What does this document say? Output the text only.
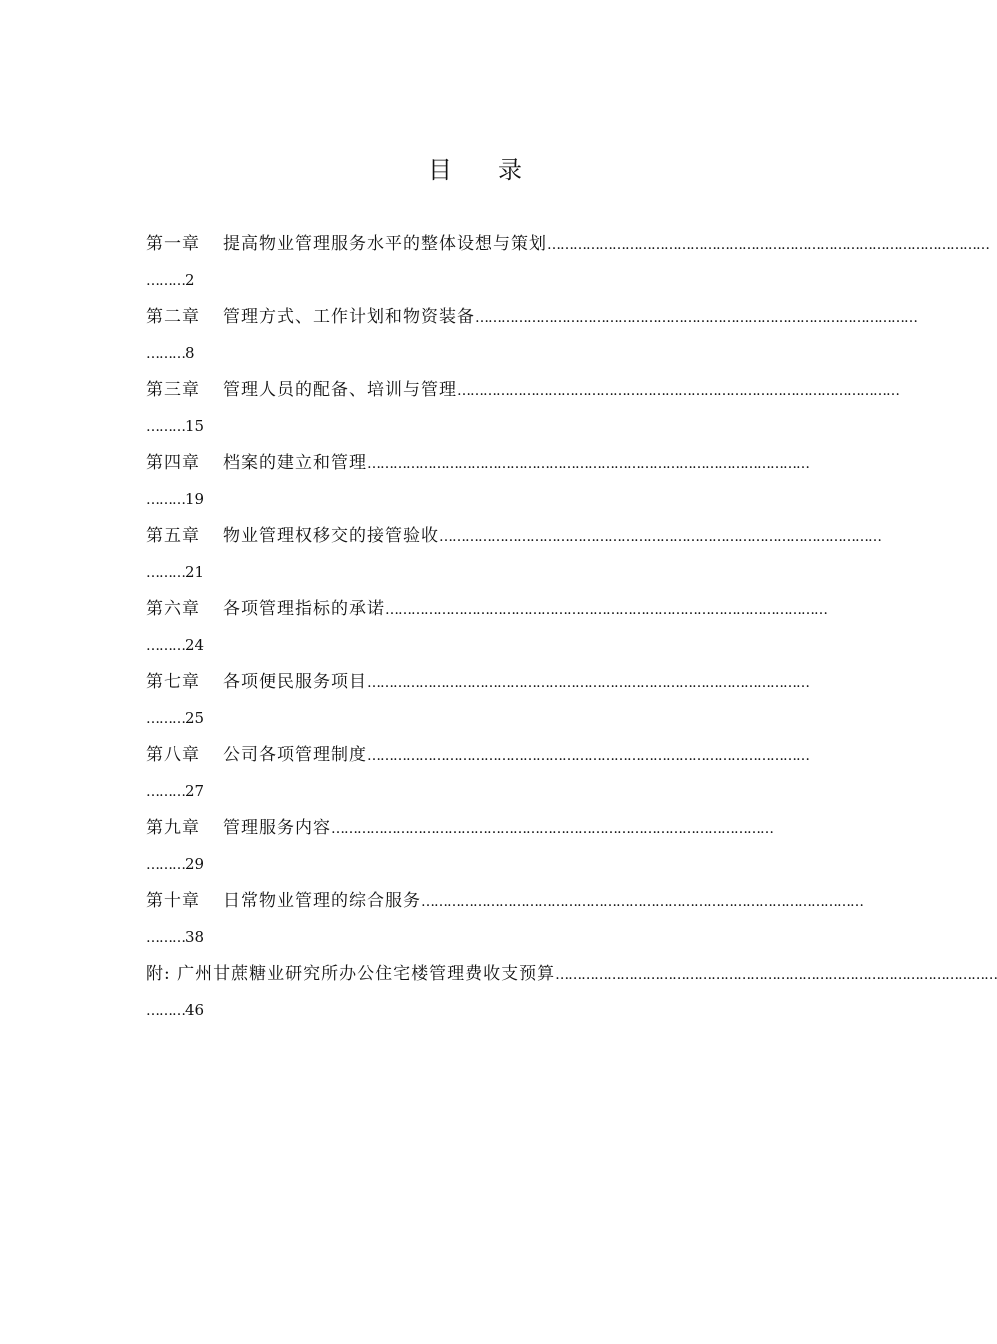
目 录
第一章 提高物业管理服务水平的整体设想与策划…………………………………………………………………………………………
………2
第二章 管理方式、工作计划和物资装备…………………………………………………………………………………………
………8
第三章 管理人员的配备、培训与管理…………………………………………………………………………………………
………15
第四章 档案的建立和管理…………………………………………………………………………………………
………19
第五章 物业管理权移交的接管验收…………………………………………………………………………………………
………21
第六章 各项管理指标的承诺…………………………………………………………………………………………
………24
第七章 各项便民服务项目…………………………………………………………………………………………
………25
第八章 公司各项管理制度…………………………………………………………………………………………
………27
第九章 管理服务内容…………………………………………………………………………………………
………29
第十章 日常物业管理的综合服务…………………………………………………………………………………………
………38
附: 广州甘蔗糖业研究所办公住宅楼管理费收支预算…………………………………………………………………………………………
………46
